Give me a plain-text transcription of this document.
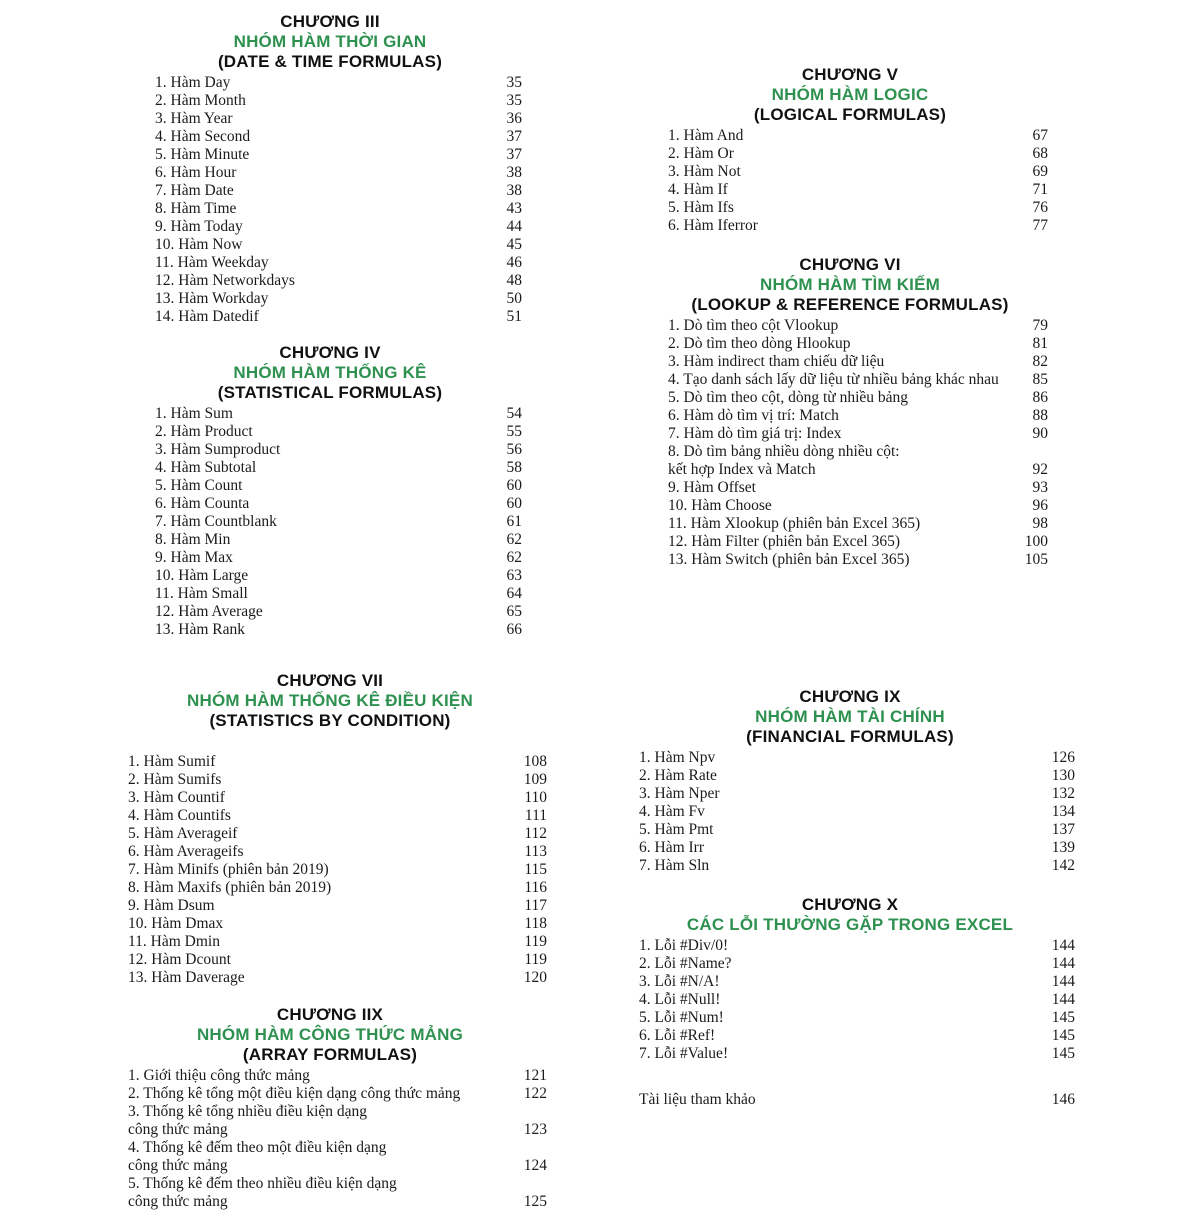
CHƯƠNG III
NHÓM HÀM THỜI GIAN
(DATE & TIME FORMULAS)
1. Hàm Day	35
2. Hàm Month	35
3. Hàm Year	36
4. Hàm Second	37
5. Hàm Minute	37
6. Hàm Hour	38
7. Hàm Date	38
8. Hàm Time	43
9. Hàm Today	44
10. Hàm Now	45
11. Hàm Weekday	46
12. Hàm Networkdays	48
13. Hàm Workday	50
14. Hàm Datedif	51
CHƯƠNG IV
NHÓM HÀM THỐNG KÊ
(STATISTICAL FORMULAS)
1. Hàm Sum	54
2. Hàm Product	55
3. Hàm Sumproduct	56
4. Hàm Subtotal	58
5. Hàm Count	60
6. Hàm Counta	60
7. Hàm Countblank	61
8. Hàm Min	62
9. Hàm Max	62
10. Hàm Large	63
11. Hàm Small	64
12. Hàm Average	65
13. Hàm Rank	66
CHƯƠNG VII
NHÓM HÀM THỐNG KÊ ĐIỀU KIỆN
(STATISTICS BY CONDITION)
1. Hàm Sumif	108
2. Hàm Sumifs	109
3. Hàm Countif	110
4. Hàm Countifs	111
5. Hàm Averageif	112
6. Hàm Averageifs	113
7. Hàm Minifs (phiên bản 2019)	115
8. Hàm Maxifs (phiên bản 2019)	116
9. Hàm Dsum	117
10. Hàm Dmax	118
11. Hàm Dmin	119
12. Hàm Dcount	119
13. Hàm Daverage	120
CHƯƠNG IIX
NHÓM HÀM CÔNG THỨC MẢNG
(ARRAY FORMULAS)
1. Giới thiệu công thức mảng	121
2. Thống kê tổng một điều kiện dạng công thức mảng	122
3. Thống kê tổng nhiều điều kiện dạng
công thức mảng	123
4. Thống kê đếm theo một điều kiện dạng
công thức mảng	124
5. Thống kê đếm theo nhiều điều kiện dạng
công thức mảng	125
CHƯƠNG V
NHÓM HÀM LOGIC
(LOGICAL FORMULAS)
1. Hàm And	67
2. Hàm Or	68
3. Hàm Not	69
4. Hàm If	71
5. Hàm Ifs	76
6. Hàm Iferror	77
CHƯƠNG VI
NHÓM HÀM TÌM KIẾM
(LOOKUP & REFERENCE FORMULAS)
1. Dò tìm theo cột Vlookup	79
2. Dò tìm theo dòng Hlookup	81
3. Hàm indirect tham chiếu dữ liệu	82
4. Tạo danh sách lấy dữ liệu từ nhiều bảng khác nhau	85
5. Dò tìm theo cột, dòng từ nhiều bảng	86
6. Hàm dò tìm vị trí: Match	88
7. Hàm dò tìm giá trị: Index	90
8. Dò tìm bảng nhiều dòng nhiều cột:
kết hợp Index và Match	92
9. Hàm Offset	93
10. Hàm Choose	96
11. Hàm Xlookup (phiên bản Excel 365)	98
12. Hàm Filter (phiên bản Excel 365)	100
13. Hàm Switch (phiên bản Excel 365)	105
CHƯƠNG IX
NHÓM HÀM TÀI CHÍNH
(FINANCIAL FORMULAS)
1. Hàm Npv	126
2. Hàm Rate	130
3. Hàm Nper	132
4. Hàm Fv	134
5. Hàm Pmt	137
6. Hàm Irr	139
7. Hàm Sln	142
CHƯƠNG X
CÁC LỖI THƯỜNG GẶP TRONG EXCEL
1. Lỗi #Div/0!	144
2. Lỗi #Name?	144
3. Lỗi #N/A!	144
4. Lỗi #Null!	144
5. Lỗi #Num!	145
6. Lỗi #Ref!	145
7. Lỗi #Value!	145
Tài liệu tham khảo	146
